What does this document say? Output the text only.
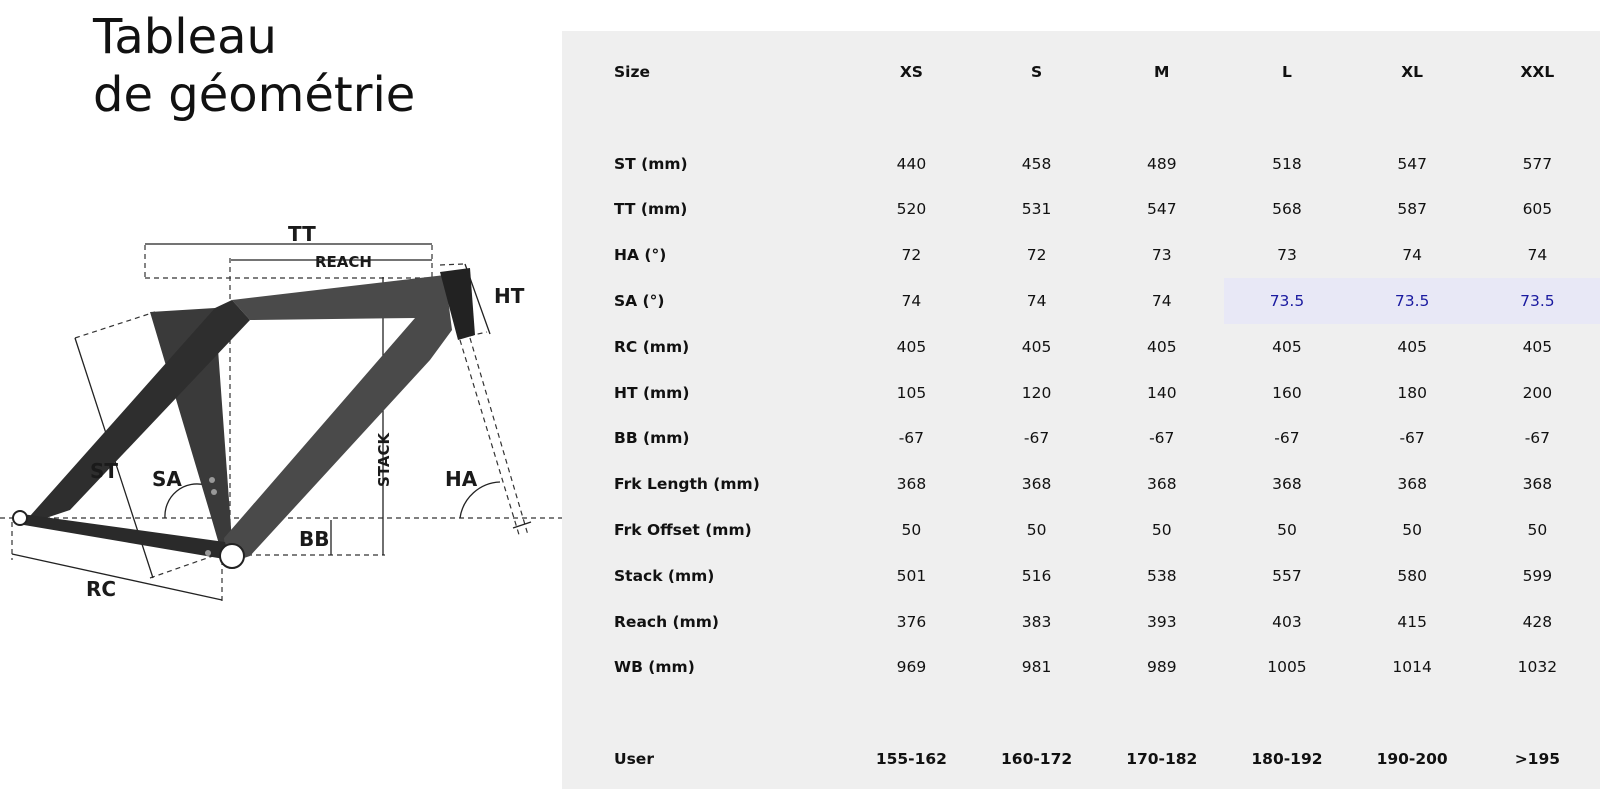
Tableau
de géométrie
TT
REACH
HT
ST SA	STACK	HA
BB
RC
Size	XS	S	M	L	XL	XXL

ST (mm)	440	458	489	518	547	577
TT (mm)	520	531	547	568	587	605
HA (°)	72	72	73	73	74	74
SA (°)	74	74	74	73.5	73.5	73.5
RC (mm)	405	405	405	405	405	405
HT (mm)	105	120	140	160	180	200
BB (mm)	-67	-67	-67	-67	-67	-67
Frk Length (mm)	368	368	368	368	368	368
Frk Offset (mm)	50	50	50	50	50	50
Stack (mm)	501	516	538	557	580	599
Reach (mm)	376	383	393	403	415	428
WB (mm)	969	981	989	1005	1014	1032

User	155-162	160-172	170-182	180-192	190-200	>195
